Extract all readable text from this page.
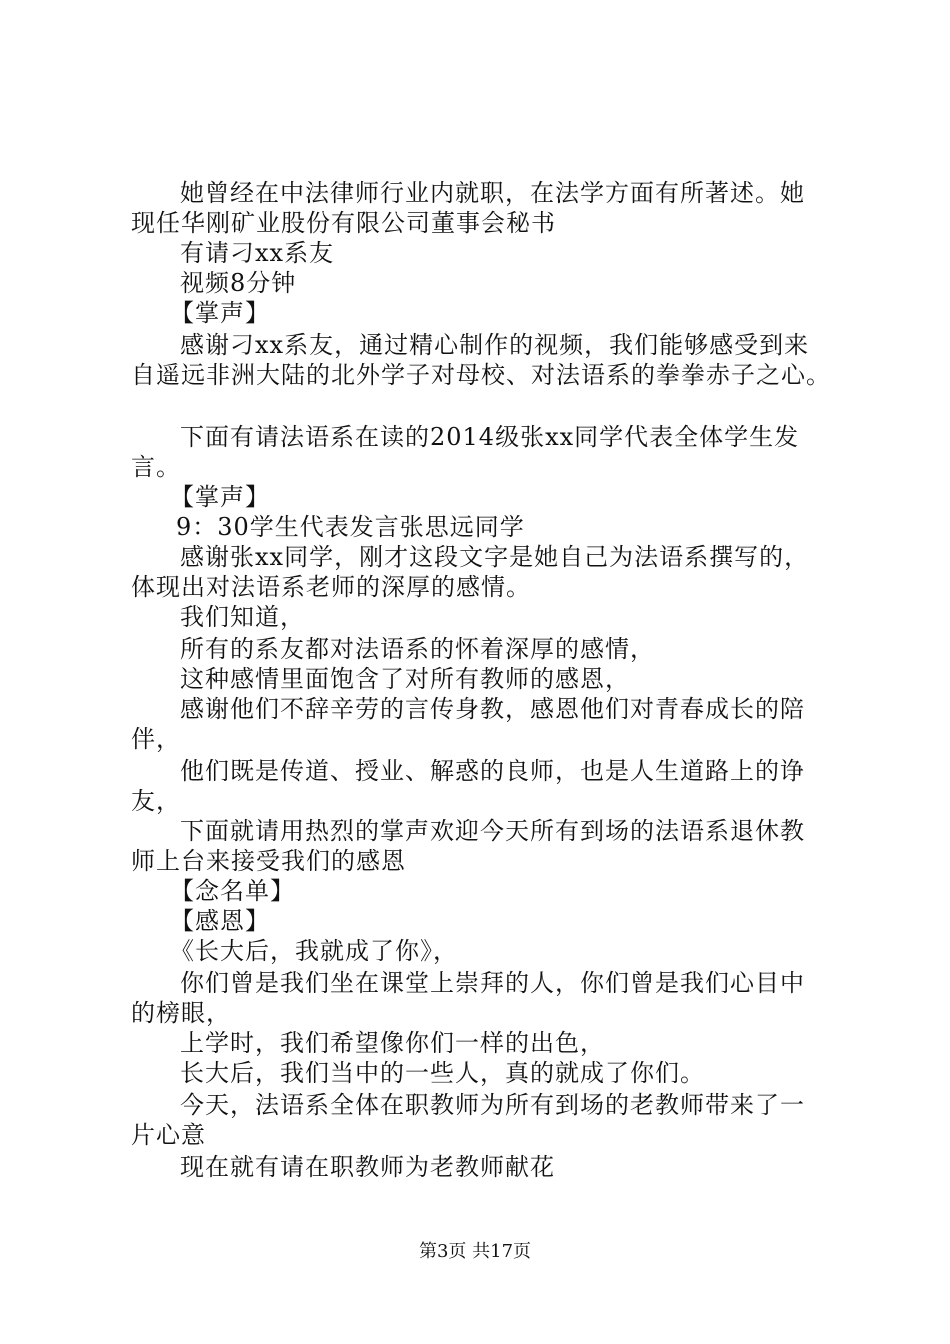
她曾经在中法律师行业内就职，在法学方面有所著述。她
现任华刚矿业股份有限公司董事会秘书
有请刁xx系友
视频8分钟
【掌声】
感谢刁xx系友，通过精心制作的视频，我们能够感受到来
自遥远非洲大陆的北外学子对母校、对法语系的拳拳赤子之心。
下面有请法语系在读的2014级张xx同学代表全体学生发
言。
【掌声】
9：30学生代表发言张思远同学
感谢张xx同学，刚才这段文字是她自己为法语系撰写的，
体现出对法语系老师的深厚的感情。
我们知道，
所有的系友都对法语系的怀着深厚的感情，
这种感情里面饱含了对所有教师的感恩，
感谢他们不辞辛劳的言传身教，感恩他们对青春成长的陪
伴，
他们既是传道、授业、解惑的良师，也是人生道路上的诤
友，
下面就请用热烈的掌声欢迎今天所有到场的法语系退休教
师上台来接受我们的感恩
【念名单】
【感恩】
《长大后，我就成了你》，
你们曾是我们坐在课堂上崇拜的人，你们曾是我们心目中
的榜眼，
上学时，我们希望像你们一样的出色，
长大后，我们当中的一些人，真的就成了你们。
今天，法语系全体在职教师为所有到场的老教师带来了一
片心意
现在就有请在职教师为老教师献花
第3页 共17页
